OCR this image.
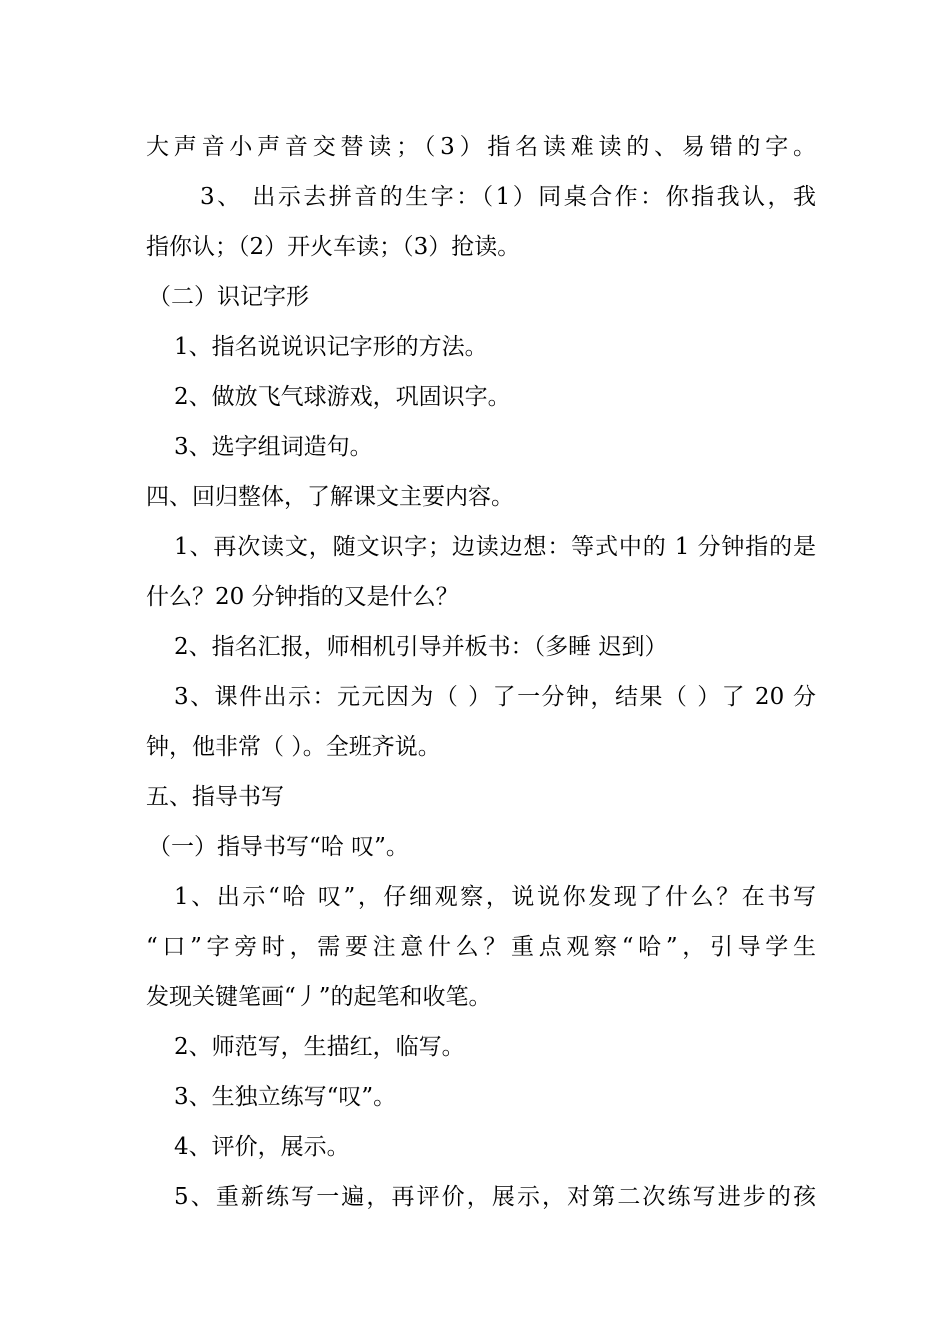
大声音小声音交替读；（3）指名读难读的、易错的字。
3、 出示去拼音的生字：（1）同桌合作：你指我认，我
指你认；（2）开火车读；（3）抢读。
（二）识记字形
1、指名说说识记字形的方法。
2、做放飞气球游戏，巩固识字。
3、选字组词造句。
四、回归整体，了解课文主要内容。
1、再次读文，随文识字；边读边想：等式中的 1 分钟指的是
什么？20 分钟指的又是什么？
2、指名汇报，师相机引导并板书：（多睡 迟到）
3、课件出示：元元因为（ ）了一分钟，结果（ ）了 20 分
钟，他非常（ ）。全班齐说。
五、指导书写
（一）指导书写“哈 叹”。
1、出示“哈 叹”，仔细观察，说说你发现了什么？在书写
“口”字旁时，需要注意什么？重点观察“哈”，引导学生
发现关键笔画“丿”的起笔和收笔。
2、师范写，生描红，临写。
3、生独立练写“叹”。
4、评价，展示。
5、重新练写一遍，再评价，展示，对第二次练写进步的孩
